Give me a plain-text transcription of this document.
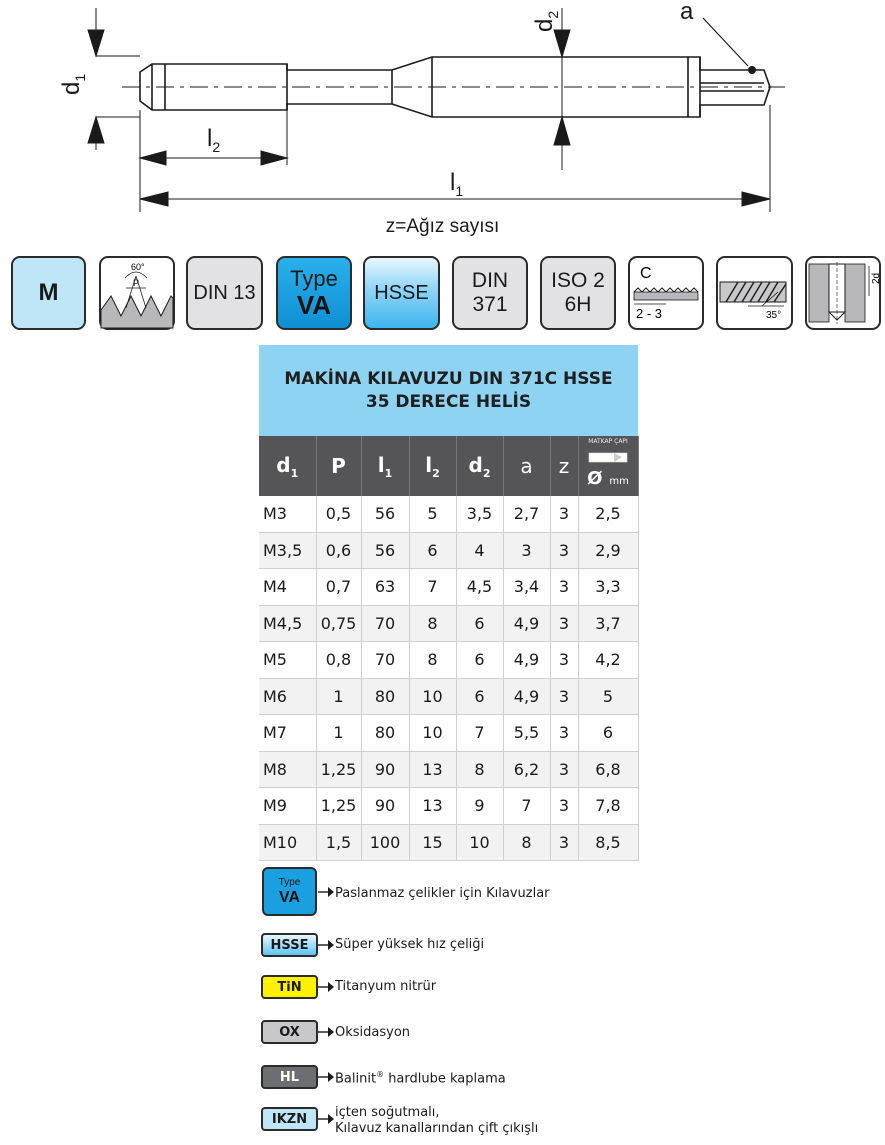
$d_1$
$d_2$
$l_2$
$l_1$
a
z=Ağız sayısı
M
60°
P	DIN 13
Type
VA HSSE
DIN
371
ISO 2
6H
C
2 - 3	35°
2d
MAKİNA KILAVUZU DIN 371C HSSE
35 DERECE HELİS
$d_1$	P	$l_1$	$l_2$	$d_2$	a	z	MATKAP ÇAPI
Ø mm
M3	0,5	56	5	3,5	2,7	3	2,5
M3,5	0,6	56	6	4	3	3	2,9
M4	0,7	63	7	4,5	3,4	3	3,3
M4,5	0,75	70	8	6	4,9	3	3,7
M5	0,8	70	8	6	4,9	3	4,2
M6	1	80	10	6	4,9	3	5
M7	1	80	10	7	5,5	3	6
M8	1,25	90	13	8	6,2	3	6,8
M9	1,25	90	13	9	7	3	7,8
M10	1,5	100	15	10	8	3	8,5
Type
VA	Paslanmaz çelikler için Kılavuzlar
HSSE	Süper yüksek hız çeliği
TiN	Titanyum nitrür
OX	Oksidasyon
HL	Balinit® hardlube kaplama
IKZN	içten soğutmalı,
Kılavuz kanallarından çift çıkışlı
